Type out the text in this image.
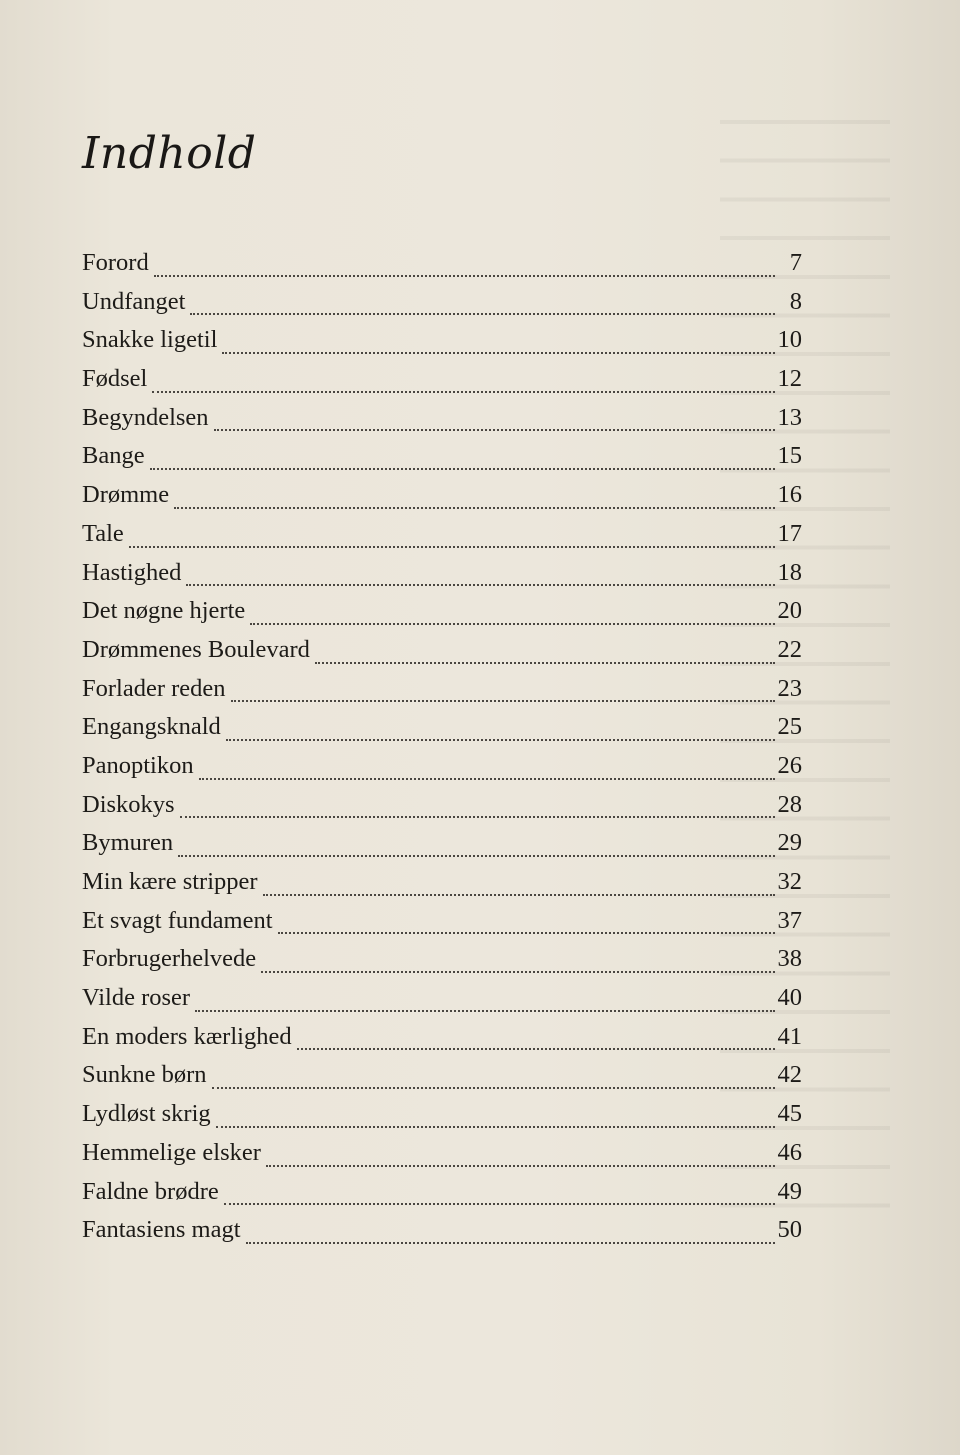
Indhold
Forord	7
Undfanget	8
Snakke ligetil	10
Fødsel	12
Begyndelsen	13
Bange	15
Drømme	16
Tale	17
Hastighed	18
Det nøgne hjerte	20
Drømmenes Boulevard	22
Forlader reden	23
Engangsknald	25
Panoptikon	26
Diskokys	28
Bymuren	29
Min kære stripper	32
Et svagt fundament	37
Forbrugerhelvede	38
Vilde roser	40
En moders kærlighed	41
Sunkne børn	42
Lydløst skrig	45
Hemmelige elsker	46
Faldne brødre	49
Fantasiens magt	50
